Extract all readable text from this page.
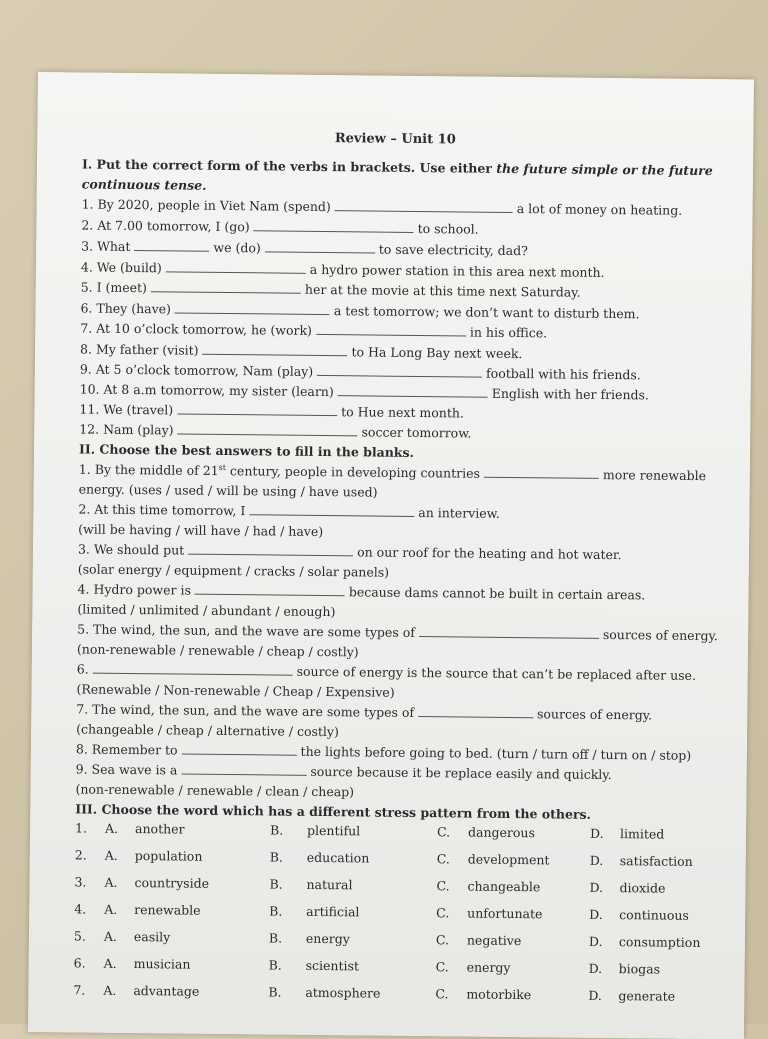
Review – Unit 10
I. Put the correct form of the verbs in brackets. Use either the future simple or the future
continuous tense.
1. By 2020, people in Viet Nam (spend)	a lot of money on heating.
2. At 7.00 tomorrow, I (go)	to school.
3. What	we (do)	to save electricity, dad?
4. We (build)	a hydro power station in this area next month.
5. I (meet)	her at the movie at this time next Saturday.
6. They (have)	a test tomorrow; we don’t want to disturb them.
7. At 10 o’clock tomorrow, he (work)	in his office.
8. My father (visit)	to Ha Long Bay next week.
9. At 5 o’clock tomorrow, Nam (play)	football with his friends.
10. At 8 a.m tomorrow, my sister (learn)	English with her friends.
11. We (travel)	to Hue next month.
12. Nam (play)	soccer tomorrow.
II. Choose the best answers to fill in the blanks.
1. By the middle of 21st century, people in developing countries	more renewable
energy. (uses / used / will be using / have used)
2. At this time tomorrow, I	an interview.
(will be having / will have / had / have)
3. We should put	on our roof for the heating and hot water.
(solar energy / equipment / cracks / solar panels)
4. Hydro power is	because dams cannot be built in certain areas.
(limited / unlimited / abundant / enough)
5. The wind, the sun, and the wave are some types of	sources of energy.
(non-renewable / renewable / cheap / costly)
6.	source of energy is the source that can’t be replaced after use.
(Renewable / Non-renewable / Cheap / Expensive)
7. The wind, the sun, and the wave are some types of	sources of energy.
(changeable / cheap / alternative / costly)
8. Remember to	the lights before going to bed. (turn / turn off / turn on / stop)
9. Sea wave is a	source because it be replace easily and quickly.
(non-renewable / renewable / clean / cheap)
III. Choose the word which has a different stress pattern from the others.
1. A. another	B. plentiful	C. dangerous	D. limited
2. A. population	B. education	C. development	D. satisfaction
3. A. countryside	B. natural	C. changeable	D. dioxide
4. A. renewable	B. artificial	C. unfortunate	D. continuous
5. A. easily	B. energy	C. negative	D. consumption
6. A. musician	B. scientist	C. energy	D. biogas
7. A. advantage	B. atmosphere	C. motorbike	D. generate
